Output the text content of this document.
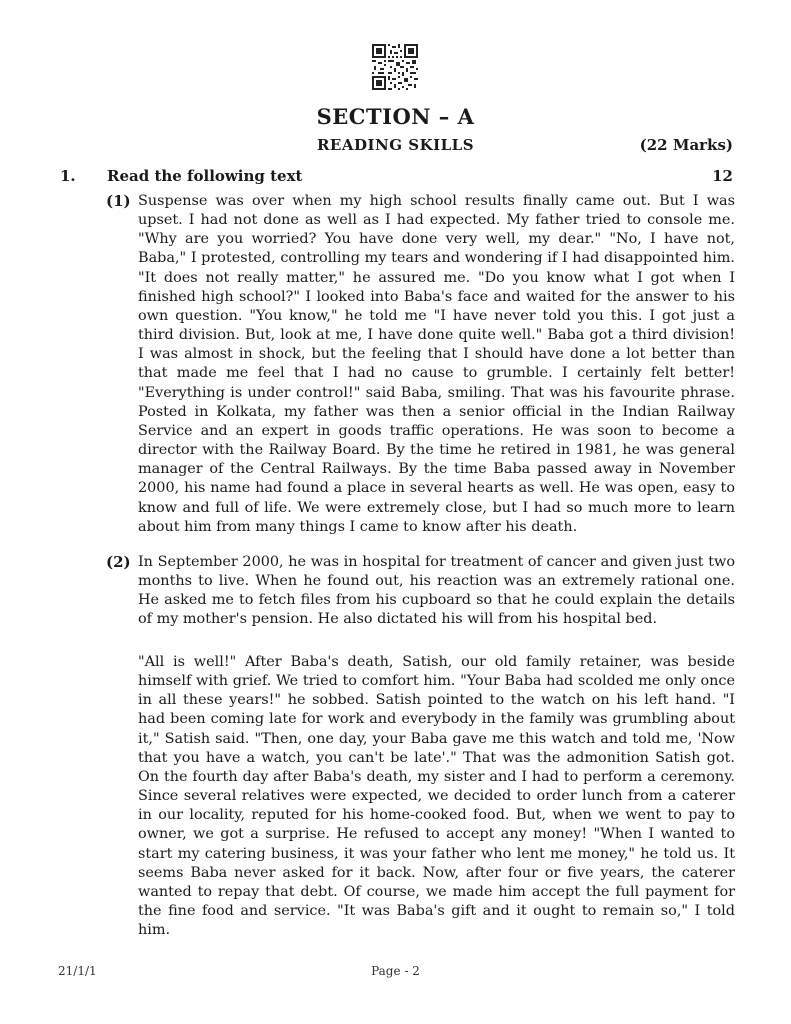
SECTION – A
READING SKILLS	(22 Marks)
1. Read the following text	12
(1) Suspense was over when my high school results finally came out. But I was upset. I had not done as well as I had expected. My father tried to console me. "Why are you worried? You have done very well, my dear." "No, I have not, Baba," I protested, controlling my tears and wondering if I had disappointed him. "It does not really matter," he assured me. "Do you know what I got when I finished high school?" I looked into Baba's face and waited for the answer to his own question. "You know," he told me "I have never told you this. I got just a third division. But, look at me, I have done quite well." Baba got a third division! I was almost in shock, but the feeling that I should have done a lot better than that made me feel that I had no cause to grumble. I certainly felt better! "Everything is under control!" said Baba, smiling. That was his favourite phrase. Posted in Kolkata, my father was then a senior official in the Indian Railway Service and an expert in goods traffic operations. He was soon to become a director with the Railway Board. By the time he retired in 1981, he was general manager of the Central Railways. By the time Baba passed away in November 2000, his name had found a place in several hearts as well. He was open, easy to know and full of life. We were extremely close, but I had so much more to learn about him from many things I came to know after his death.

(2) In September 2000, he was in hospital for treatment of cancer and given just two months to live. When he found out, his reaction was an extremely rational one. He asked me to fetch files from his cupboard so that he could explain the details of my mother's pension. He also dictated his will from his hospital bed.

"All is well!" After Baba's death, Satish, our old family retainer, was beside himself with grief. We tried to comfort him. "Your Baba had scolded me only once in all these years!" he sobbed. Satish pointed to the watch on his left hand. "I had been coming late for work and everybody in the family was grumbling about it," Satish said. "Then, one day, your Baba gave me this watch and told me, 'Now that you have a watch, you can't be late'." That was the admonition Satish got. On the fourth day after Baba's death, my sister and I had to perform a ceremony. Since several relatives were expected, we decided to order lunch from a caterer in our locality, reputed for his home-cooked food. But, when we went to pay to owner, we got a surprise. He refused to accept any money! "When I wanted to start my catering business, it was your father who lent me money," he told us. It seems Baba never asked for it back. Now, after four or five years, the caterer wanted to repay that debt. Of course, we made him accept the full payment for the fine food and service. "It was Baba's gift and it ought to remain so," I told him.

21/1/1	Page - 2
